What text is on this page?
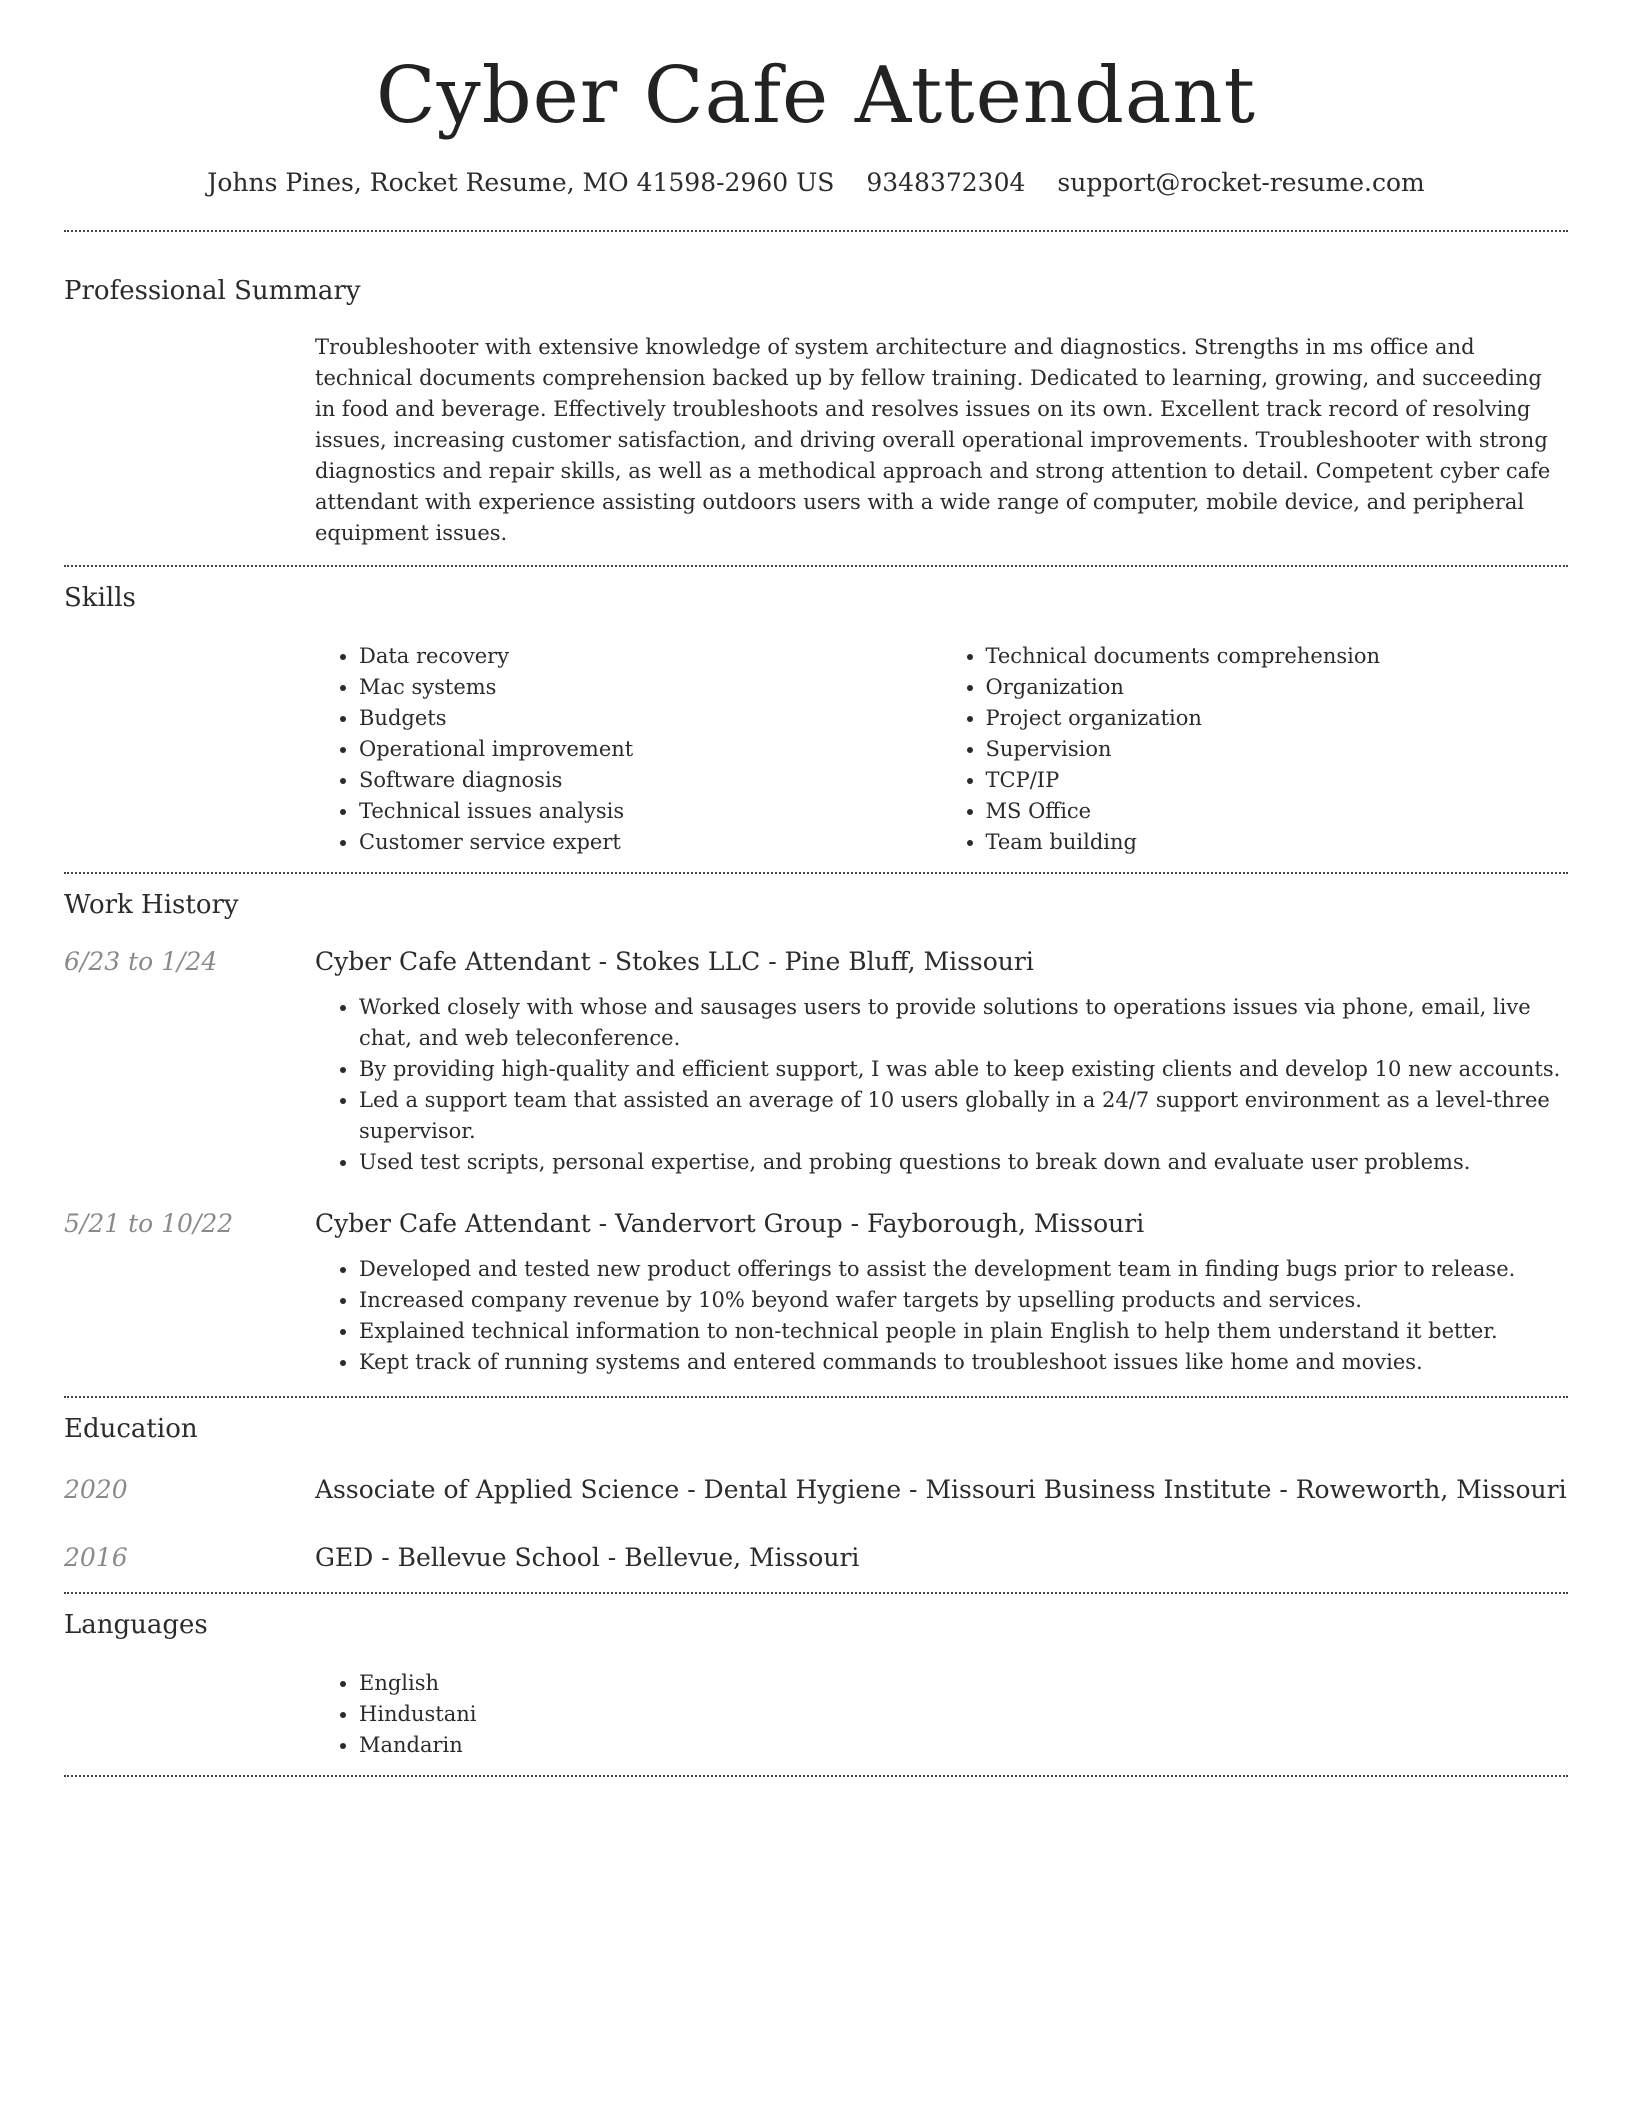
Cyber Cafe Attendant
Johns Pines, Rocket Resume, MO 41598-2960 US 9348372304 support@rocket-resume.com
Professional Summary
Troubleshooter with extensive knowledge of system architecture and diagnostics. Strengths in ms office and technical documents comprehension backed up by fellow training. Dedicated to learning, growing, and succeeding in food and beverage. Effectively troubleshoots and resolves issues on its own. Excellent track record of resolving issues, increasing customer satisfaction, and driving overall operational improvements. Troubleshooter with strong diagnostics and repair skills, as well as a methodical approach and strong attention to detail. Competent cyber cafe attendant with experience assisting outdoors users with a wide range of computer, mobile device, and peripheral equipment issues.
Skills
• Data recovery
• Mac systems
• Budgets
• Operational improvement
• Software diagnosis
• Technical issues analysis
• Customer service expert
• Technical documents comprehension
• Organization
• Project organization
• Supervision
• TCP/IP
• MS Office
• Team building
Work History
6/23 to 1/24	Cyber Cafe Attendant - Stokes LLC - Pine Bluff, Missouri
• Worked closely with whose and sausages users to provide solutions to operations issues via phone, email, live chat, and web teleconference.
• By providing high-quality and efficient support, I was able to keep existing clients and develop 10 new accounts.
• Led a support team that assisted an average of 10 users globally in a 24/7 support environment as a level-three supervisor.
• Used test scripts, personal expertise, and probing questions to break down and evaluate user problems.
5/21 to 10/22	Cyber Cafe Attendant - Vandervort Group - Fayborough, Missouri
• Developed and tested new product offerings to assist the development team in finding bugs prior to release.
• Increased company revenue by 10% beyond wafer targets by upselling products and services.
• Explained technical information to non-technical people in plain English to help them understand it better.
• Kept track of running systems and entered commands to troubleshoot issues like home and movies.
Education
2020	Associate of Applied Science - Dental Hygiene - Missouri Business Institute - Roweworth, Missouri
2016	GED - Bellevue School - Bellevue, Missouri
Languages
• English
• Hindustani
• Mandarin
